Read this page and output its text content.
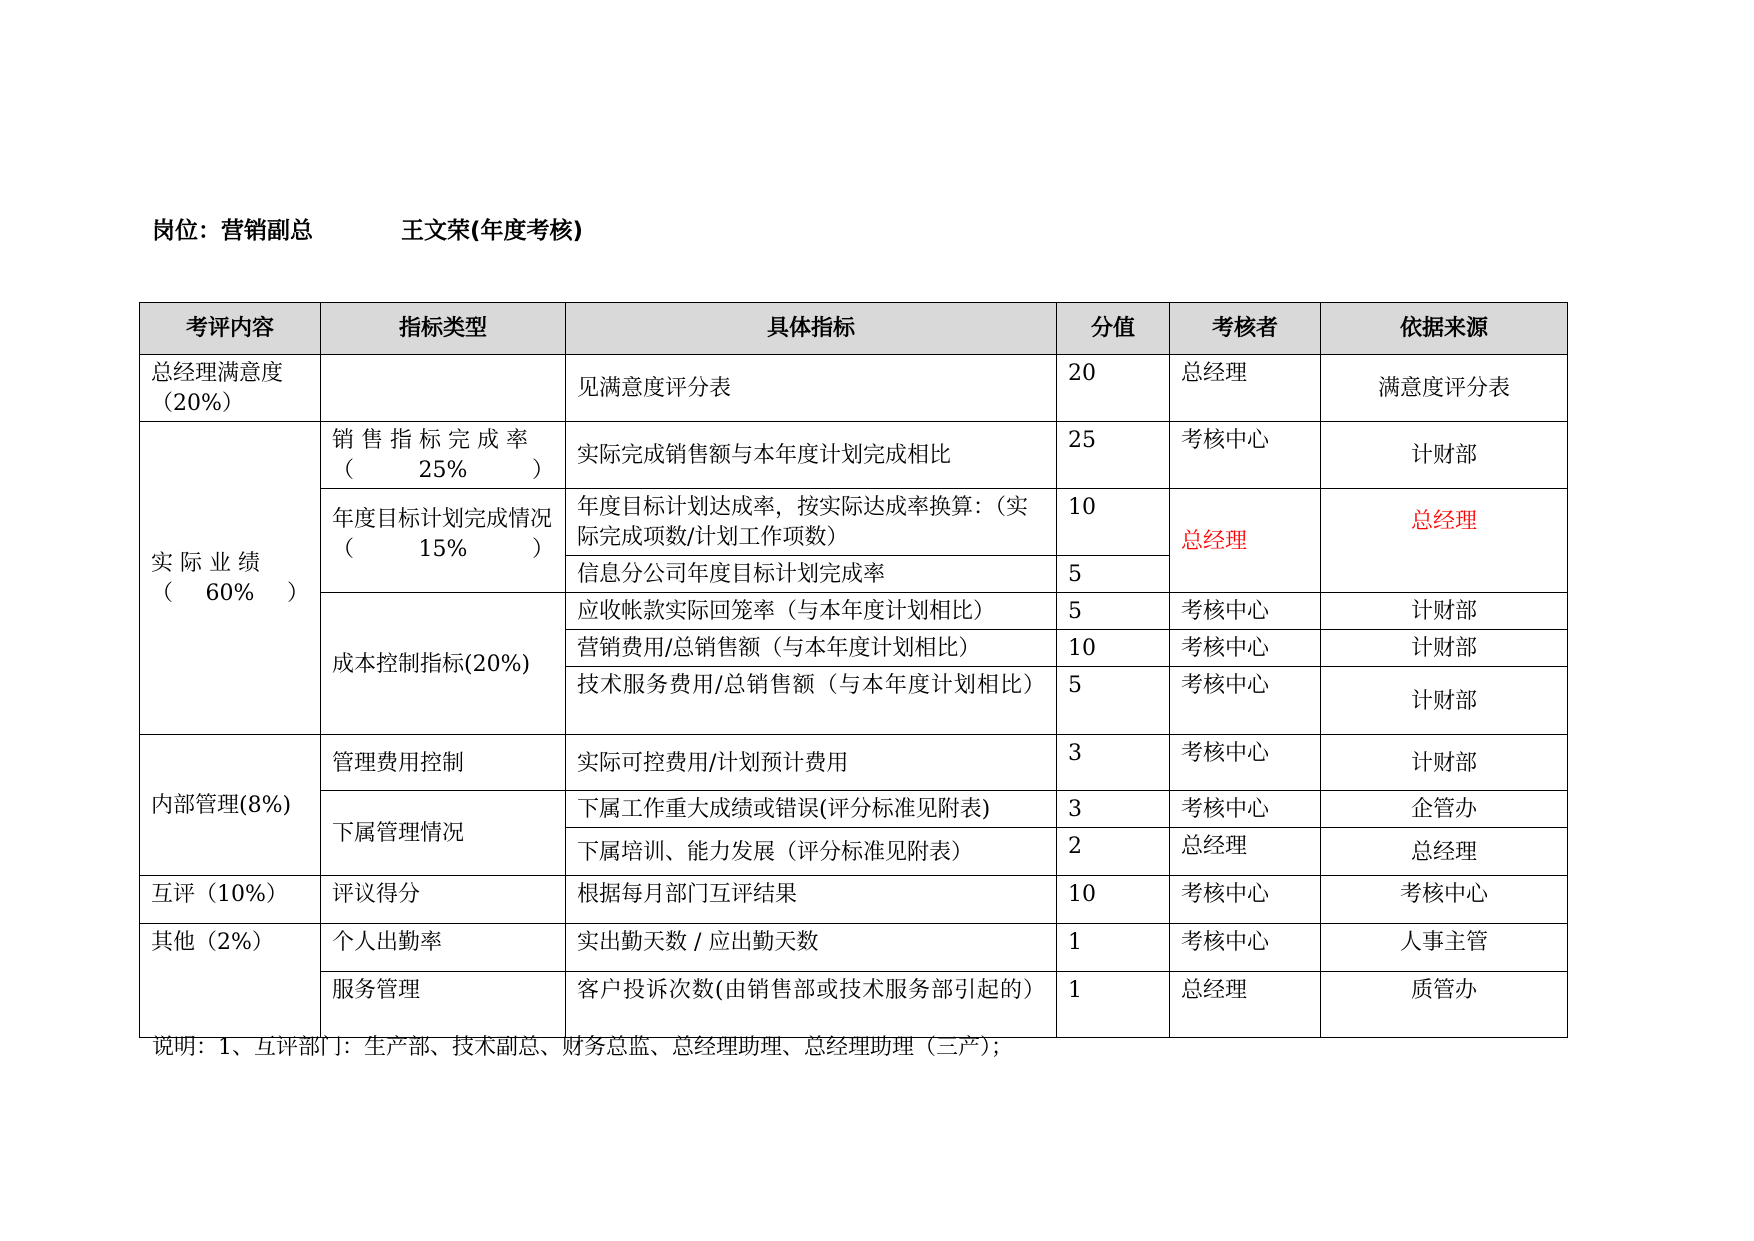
岗位：营销副总	王文荣(年度考核)
考评内容	指标类型	具体指标	分值	考核者	依据来源
总经理满意度（20%）		见满意度评分表	20	总经理	满意度评分表
实 际 业 绩（60%）	销 售 指 标 完 成 率（25%）	实际完成销售额与本年度计划完成相比	25	考核中心	计财部
	年度目标计划完成情况（15%）	年度目标计划达成率，按实际达成率换算：（实际完成项数/计划工作项数）	10	总经理	总经理
		信息分公司年度目标计划完成率	5		
	成本控制指标(20%)	应收帐款实际回笼率（与本年度计划相比）	5	考核中心	计财部
		营销费用/总销售额（与本年度计划相比）	10	考核中心	计财部
		技术服务费用/总销售额（与本年度计划相比）	5	考核中心	计财部
内部管理(8%)	管理费用控制	实际可控费用/计划预计费用	3	考核中心	计财部
	下属管理情况	下属工作重大成绩或错误(评分标准见附表)	3	考核中心	企管办
		下属培训、能力发展（评分标准见附表）	2	总经理	总经理
互评（10%）	评议得分	根据每月部门互评结果	10	考核中心	考核中心
其他（2%）	个人出勤率	实出勤天数 / 应出勤天数	1	考核中心	人事主管
	服务管理	客户投诉次数(由销售部或技术服务部引起的）	1	总经理	质管办
说明：1、互评部门：生产部、技术副总、财务总监、总经理助理、总经理助理（三产）；
